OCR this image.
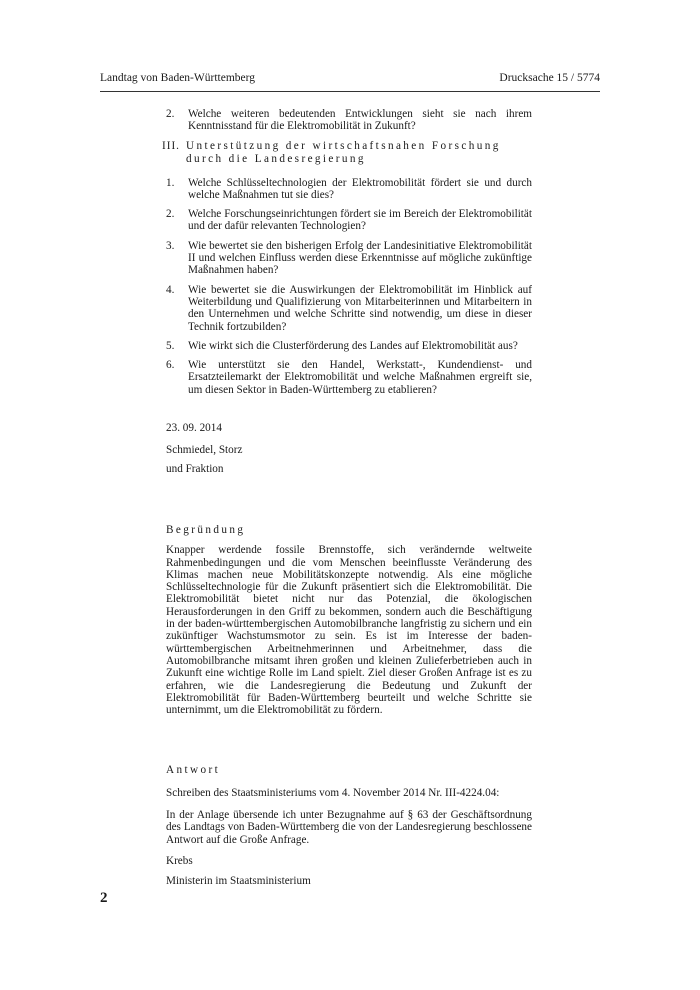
Landtag von Baden-Württemberg	Drucksache 15 / 5774
2. Welche weiteren bedeutenden Entwicklungen sieht sie nach ihrem Kenntnisstand für die Elektromobilität in Zukunft?
III. Unterstützung der wirtschaftsnahen Forschung durch die Landesregierung
1. Welche Schlüsseltechnologien der Elektromobilität fördert sie und durch welche Maßnahmen tut sie dies?
2. Welche Forschungseinrichtungen fördert sie im Bereich der Elektromobilität und der dafür relevanten Technologien?
3. Wie bewertet sie den bisherigen Erfolg der Landesinitiative Elektromobilität II und welchen Einfluss werden diese Erkenntnisse auf mögliche zukünftige Maßnahmen haben?
4. Wie bewertet sie die Auswirkungen der Elektromobilität im Hinblick auf Weiterbildung und Qualifizierung von Mitarbeiterinnen und Mitarbeitern in den Unternehmen und welche Schritte sind notwendig, um diese in dieser Technik fortzubilden?
5. Wie wirkt sich die Clusterförderung des Landes auf Elektromobilität aus?
6. Wie unterstützt sie den Handel, Werkstatt-, Kundendienst- und Ersatzteilemarkt der Elektromobilität und welche Maßnahmen ergreift sie, um diesen Sektor in Baden-Württemberg zu etablieren?
23. 09. 2014
Schmiedel, Storz
und Fraktion
Begründung
Knapper werdende fossile Brennstoffe, sich verändernde weltweite Rahmenbedingungen und die vom Menschen beeinflusste Veränderung des Klimas machen neue Mobilitätskonzepte notwendig. Als eine mögliche Schlüsseltechnologie für die Zukunft präsentiert sich die Elektromobilität. Die Elektromobilität bietet nicht nur das Potenzial, die ökologischen Herausforderungen in den Griff zu bekommen, sondern auch die Beschäftigung in der baden-württembergischen Automobilbranche langfristig zu sichern und ein zukünftiger Wachstumsmotor zu sein. Es ist im Interesse der baden-württembergischen Arbeitnehmerinnen und Arbeitnehmer, dass die Automobilbranche mitsamt ihren großen und kleinen Zulieferbetrieben auch in Zukunft eine wichtige Rolle im Land spielt. Ziel dieser Großen Anfrage ist es zu erfahren, wie die Landesregierung die Bedeutung und Zukunft der Elektromobilität für Baden-Württemberg beurteilt und welche Schritte sie unternimmt, um die Elektromobilität zu fördern.
Antwort
Schreiben des Staatsministeriums vom 4. November 2014 Nr. III-4224.04:
In der Anlage übersende ich unter Bezugnahme auf § 63 der Geschäftsordnung des Landtags von Baden-Württemberg die von der Landesregierung beschlossene Antwort auf die Große Anfrage.
Krebs
Ministerin im Staatsministerium
2
